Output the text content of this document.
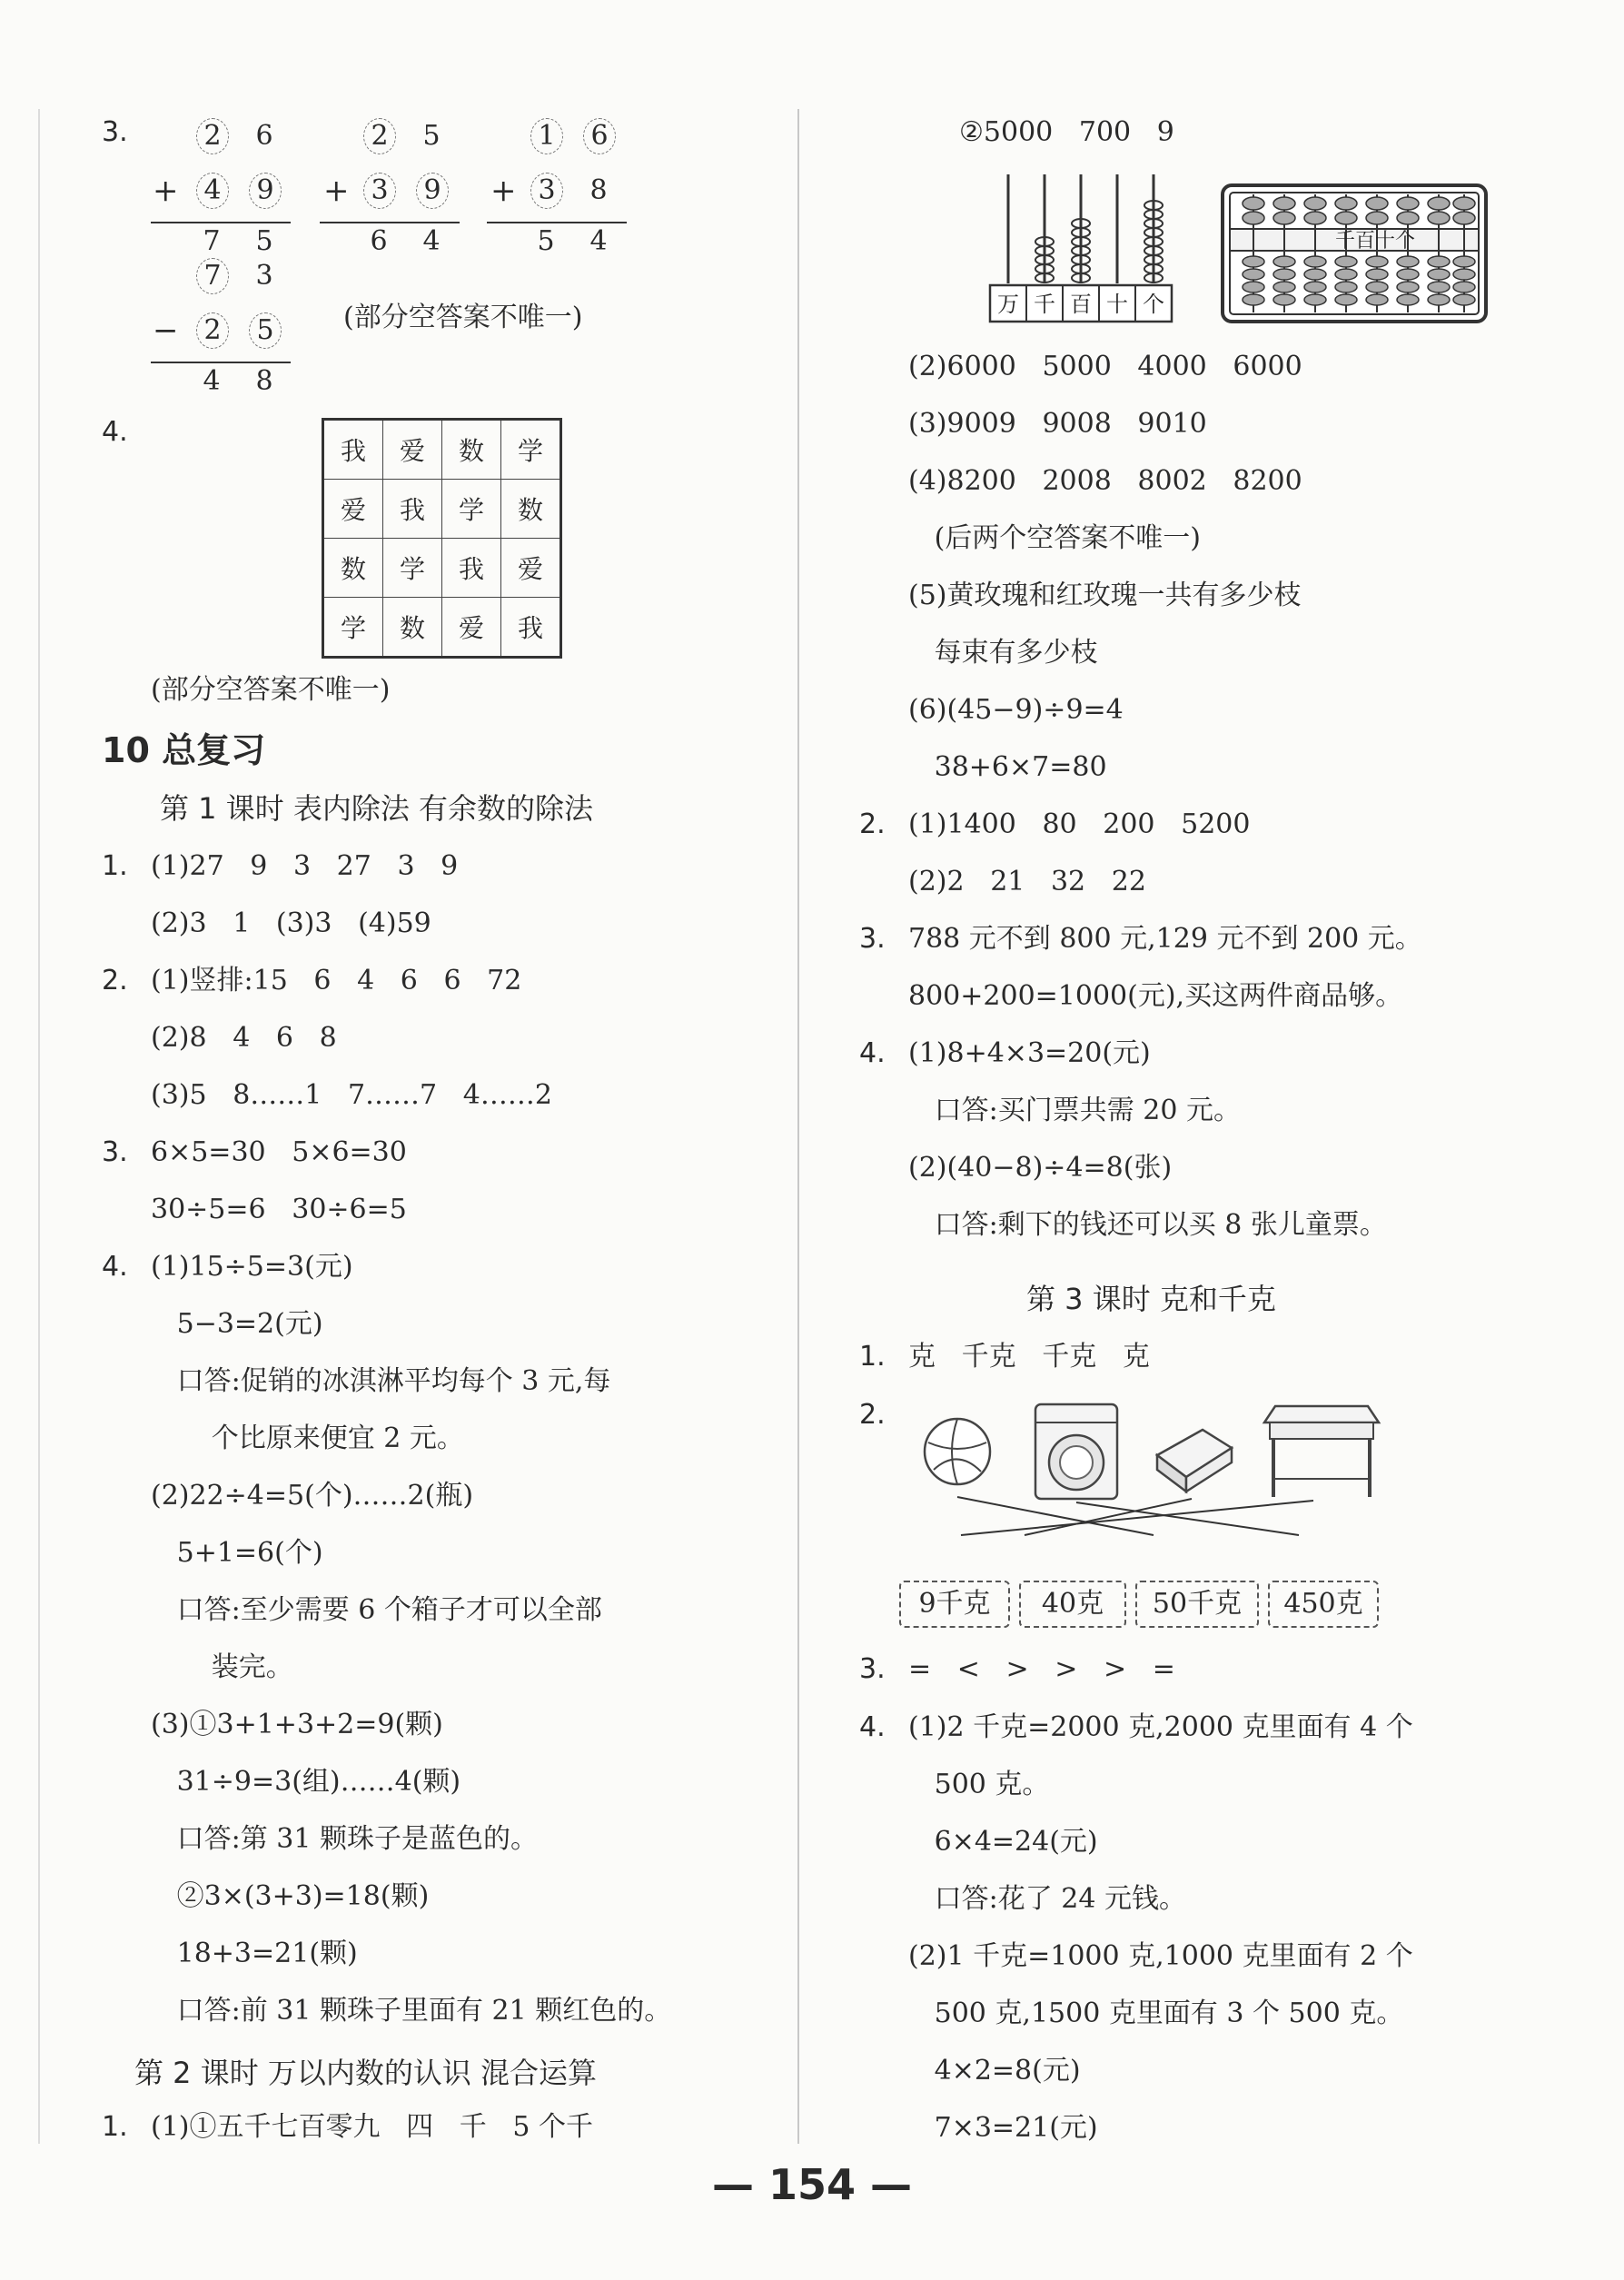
3.	2 6
+ 4 9
7 5
2 5
+ 3 9
6 4
1 6
+ 3 8
5 4
7 3
− 2 5
4 8
(部分空答案不唯一)
4.
我	爱	数	学
爱	我	学	数
数	学	我	爱
学	数	爱	我
(部分空答案不唯一)
10 总复习
第 1 课时 表内除法 有余数的除法
1. (1)27   9   3   27   3   9
(2)3   1   (3)3   (4)59
2. (1)竖排:15   6   4   6   6   72
(2)8   4   6   8
(3)5   8……1   7……7   4……2
3. 6×5=30   5×6=30
30÷5=6   30÷6=5
4. (1)15÷5=3(元)
5−3=2(元)
口答:促销的冰淇淋平均每个 3 元,每
个比原来便宜 2 元。
(2)22÷4=5(个)……2(瓶)
5+1=6(个)
口答:至少需要 6 个箱子才可以全部
装完。
(3)①3+1+3+2=9(颗)
31÷9=3(组)……4(颗)
口答:第 31 颗珠子是蓝色的。
②3×(3+3)=18(颗)
18+3=21(颗)
口答:前 31 颗珠子里面有 21 颗红色的。
第 2 课时 万以内数的认识 混合运算
1. (1)①五千七百零九   四   千   5 个千
②5000   700   9
万 千 百 十 个
千百十个
(2)6000   5000   4000   6000
(3)9009   9008   9010
(4)8200   2008   8002   8200
(后两个空答案不唯一)
(5)黄玫瑰和红玫瑰一共有多少枝
每束有多少枝
(6)(45−9)÷9=4
38+6×7=80
2. (1)1400   80   200   5200
(2)2   21   32   22
3. 788 元不到 800 元,129 元不到 200 元。
800+200=1000(元),买这两件商品够。
4. (1)8+4×3=20(元)
口答:买门票共需 20 元。
(2)(40−8)÷4=8(张)
口答:剩下的钱还可以买 8 张儿童票。
第 3 课时 克和千克
1. 克   千克   千克   克
2.
9千克	40克	50千克	450克
3. =   <   >   >   >   =
4. (1)2 千克=2000 克,2000 克里面有 4 个
500 克。
6×4=24(元)
口答:花了 24 元钱。
(2)1 千克=1000 克,1000 克里面有 2 个
500 克,1500 克里面有 3 个 500 克。
4×2=8(元)
7×3=21(元)
— 154 —
